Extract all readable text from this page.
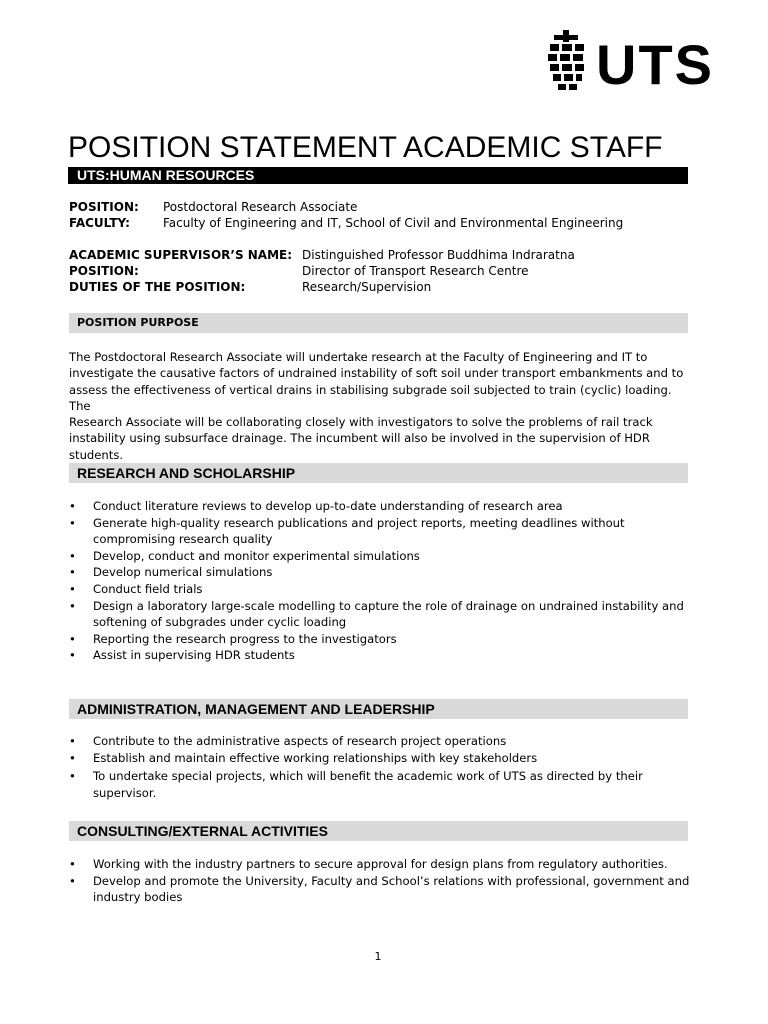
UTS
POSITION STATEMENT ACADEMIC STAFF
UTS:HUMAN RESOURCES
POSITION: Postdoctoral Research Associate
FACULTY:	Faculty of Engineering and IT, School of Civil and Environmental Engineering
ACADEMIC SUPERVISOR’S NAME: Distinguished Professor Buddhima Indraratna
POSITION:	Director of Transport Research Centre
DUTIES OF THE POSITION:	Research/Supervision
POSITION PURPOSE
The Postdoctoral Research Associate will undertake research at the Faculty of Engineering and IT to
investigate the causative factors of undrained instability of soft soil under transport embankments and to
assess the effectiveness of vertical drains in stabilising subgrade soil subjected to train (cyclic) loading. The
Research Associate will be collaborating closely with investigators to solve the problems of rail track
instability using subsurface drainage. The incumbent will also be involved in the supervision of HDR
students.
RESEARCH AND SCHOLARSHIP
• Conduct literature reviews to develop up-to-date understanding of research area
• Generate high-quality research publications and project reports, meeting deadlines without
compromising research quality
• Develop, conduct and monitor experimental simulations
• Develop numerical simulations
• Conduct field trials
• Design a laboratory large-scale modelling to capture the role of drainage on undrained instability and
softening of subgrades under cyclic loading
• Reporting the research progress to the investigators
• Assist in supervising HDR students
ADMINISTRATION, MANAGEMENT AND LEADERSHIP
• Contribute to the administrative aspects of research project operations
• Establish and maintain effective working relationships with key stakeholders
• To undertake special projects, which will benefit the academic work of UTS as directed by their
supervisor.
CONSULTING/EXTERNAL ACTIVITIES
• Working with the industry partners to secure approval for design plans from regulatory authorities.
• Develop and promote the University, Faculty and School’s relations with professional, government and
industry bodies
1
